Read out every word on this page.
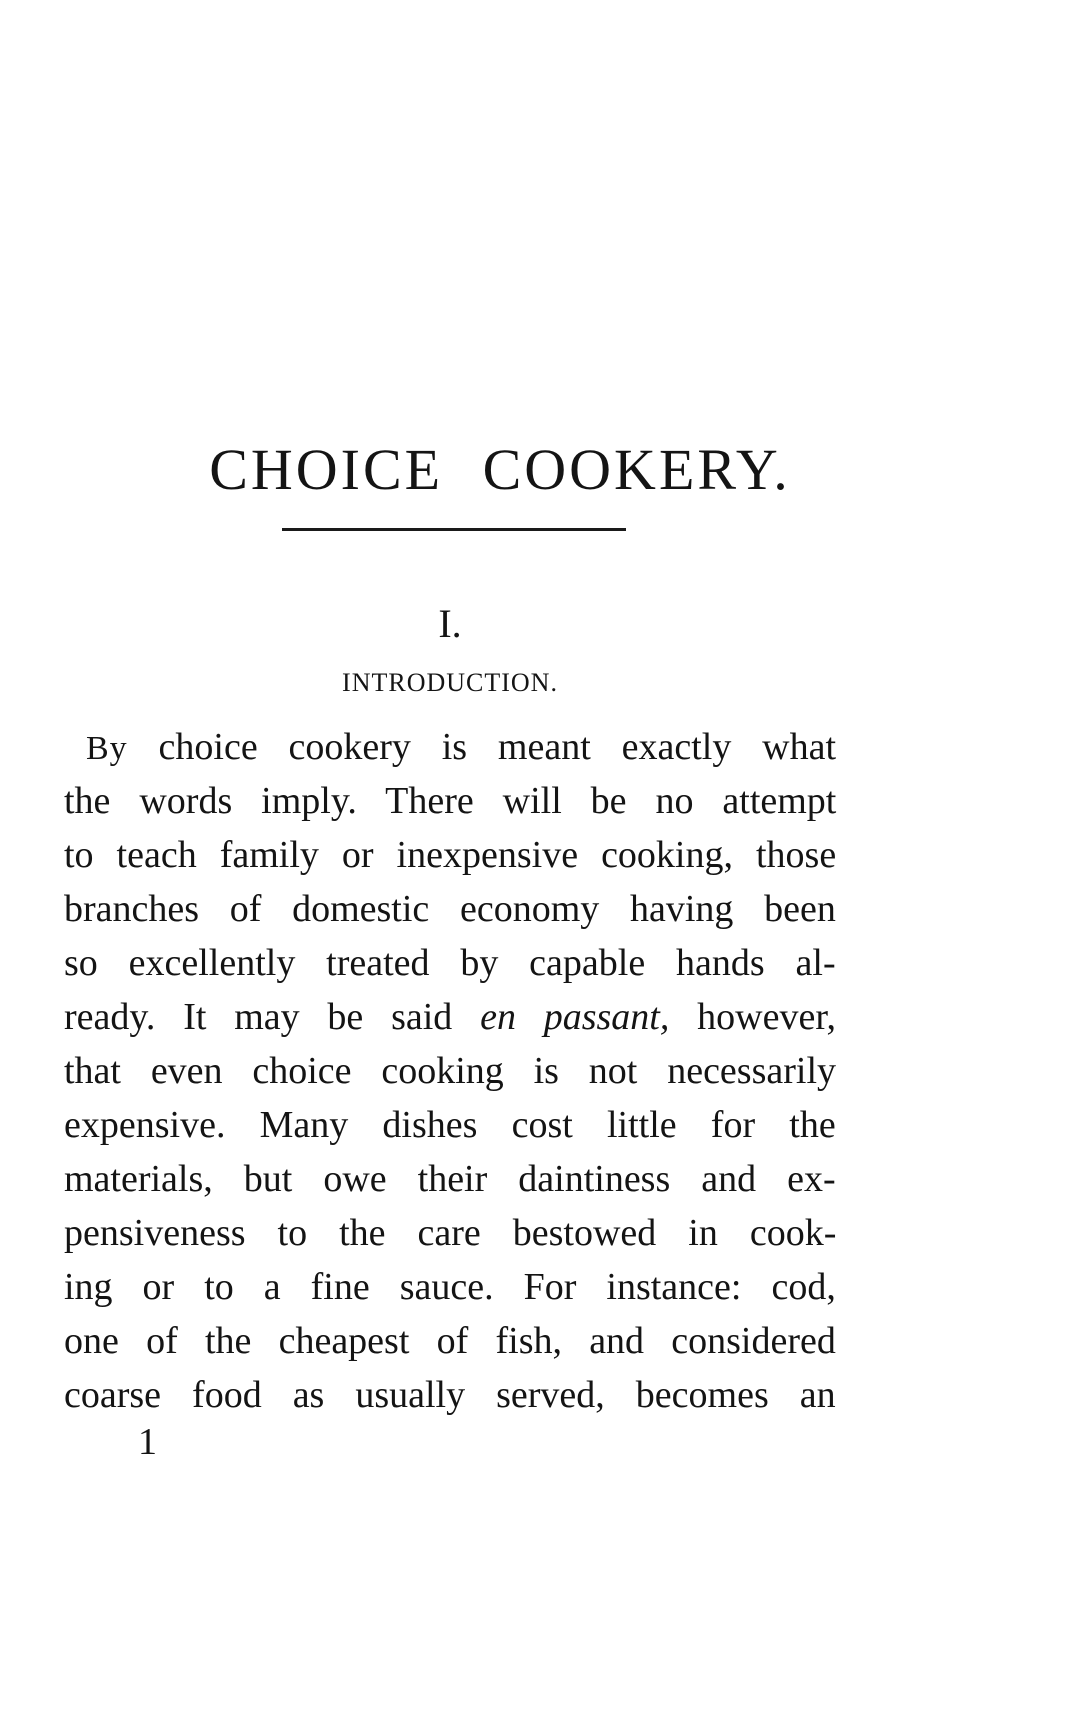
CHOICE COOKERY.
I.
INTRODUCTION.
By choice cookery is meant exactly what
the words imply. There will be no attempt
to teach family or inexpensive cooking, those
branches of domestic economy having been
so excellently treated by capable hands al-
ready. It may be said en passant, however,
that even choice cooking is not necessarily
expensive. Many dishes cost little for the
materials, but owe their daintiness and ex-
pensiveness to the care bestowed in cook-
ing or to a fine sauce. For instance: cod,
one of the cheapest of fish, and considered
coarse food as usually served, becomes an
1
